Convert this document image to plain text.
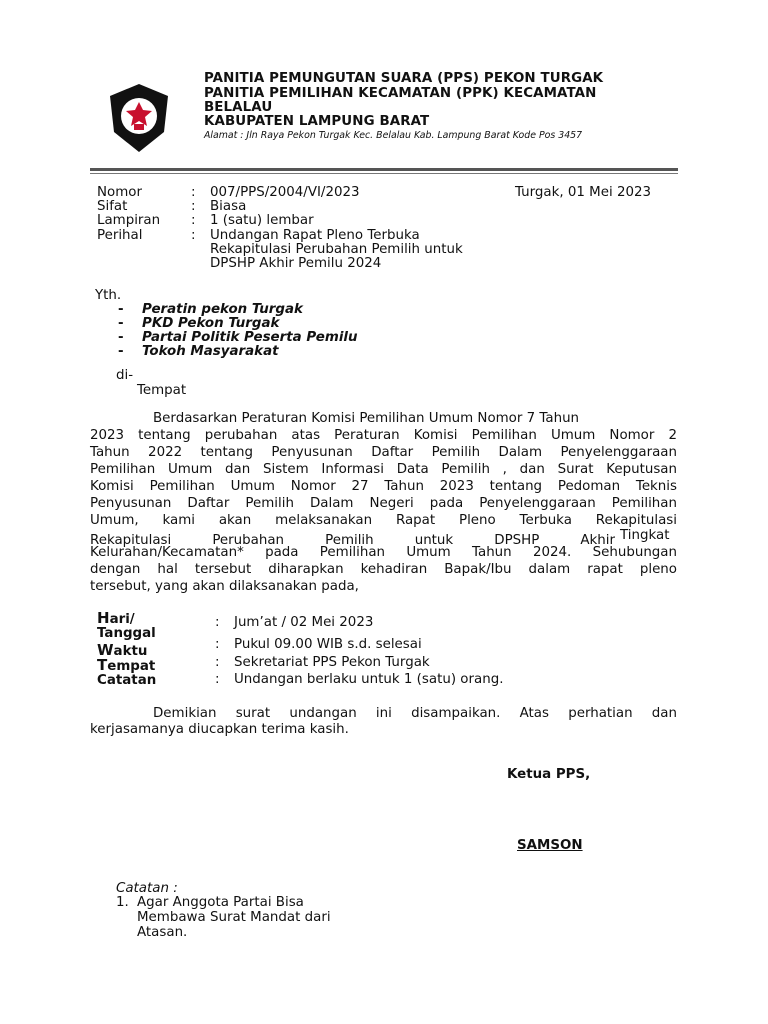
PANITIA PEMUNGUTAN SUARA (PPS) PEKON TURGAK
PANITIA PEMILIHAN KECAMATAN (PPK) KECAMATAN
BELALAU
KABUPATEN LAMPUNG BARAT
Alamat : Jln Raya Pekon Turgak Kec. Belalau Kab. Lampung Barat Kode Pos 3457
Nomor	: 007/PPS/2004/VI/2023	Turgak, 01 Mei 2023
Sifat	: Biasa
Lampiran : 1 (satu) lembar
Perihal	: Undangan Rapat Pleno Terbuka
Rekapitulasi Perubahan Pemilih untuk
DPSHP Akhir Pemilu 2024
Yth.
- Peratin pekon Turgak
- PKD Pekon Turgak
- Partai Politik Peserta Pemilu
- Tokoh Masyarakat
di-
Tempat
Berdasarkan Peraturan Komisi Pemilihan Umum Nomor 7 Tahun
2023 tentang perubahan atas Peraturan Komisi Pemilihan Umum Nomor 2
Tahun 2022 tentang Penyusunan Daftar Pemilih Dalam Penyelenggaraan
Pemilihan Umum dan Sistem Informasi Data Pemilih , dan Surat Keputusan
Komisi Pemilihan Umum Nomor 27 Tahun 2023 tentang Pedoman Teknis
Penyusunan Daftar Pemilih Dalam Negeri pada Penyelenggaraan Pemilihan
Umum, kami akan melaksanakan Rapat Pleno Terbuka Rekapitulasi
Rekapitulasi   Perubahan   Pemilih   untuk   DPSHP   Akhir Tingkat
Kelurahan/Kecamatan* pada Pemilihan Umum Tahun 2024. Sehubungan
dengan hal tersebut diharapkan kehadiran Bapak/Ibu dalam rapat pleno
tersebut, yang akan dilaksanakan pada,
Hari/
Tanggal
: Jum’at / 02 Mei 2023
Waktu	: Pukul 09.00 WIB s.d. selesai
Tempat	: Sekretariat PPS Pekon Turgak
Catatan	: Undangan berlaku untuk 1 (satu) orang.
Demikian surat undangan ini disampaikan. Atas perhatian dan
kerjasamanya diucapkan terima kasih.
Ketua PPS,
SAMSON
Catatan :
1. Agar Anggota Partai Bisa
Membawa Surat Mandat dari
Atasan.
